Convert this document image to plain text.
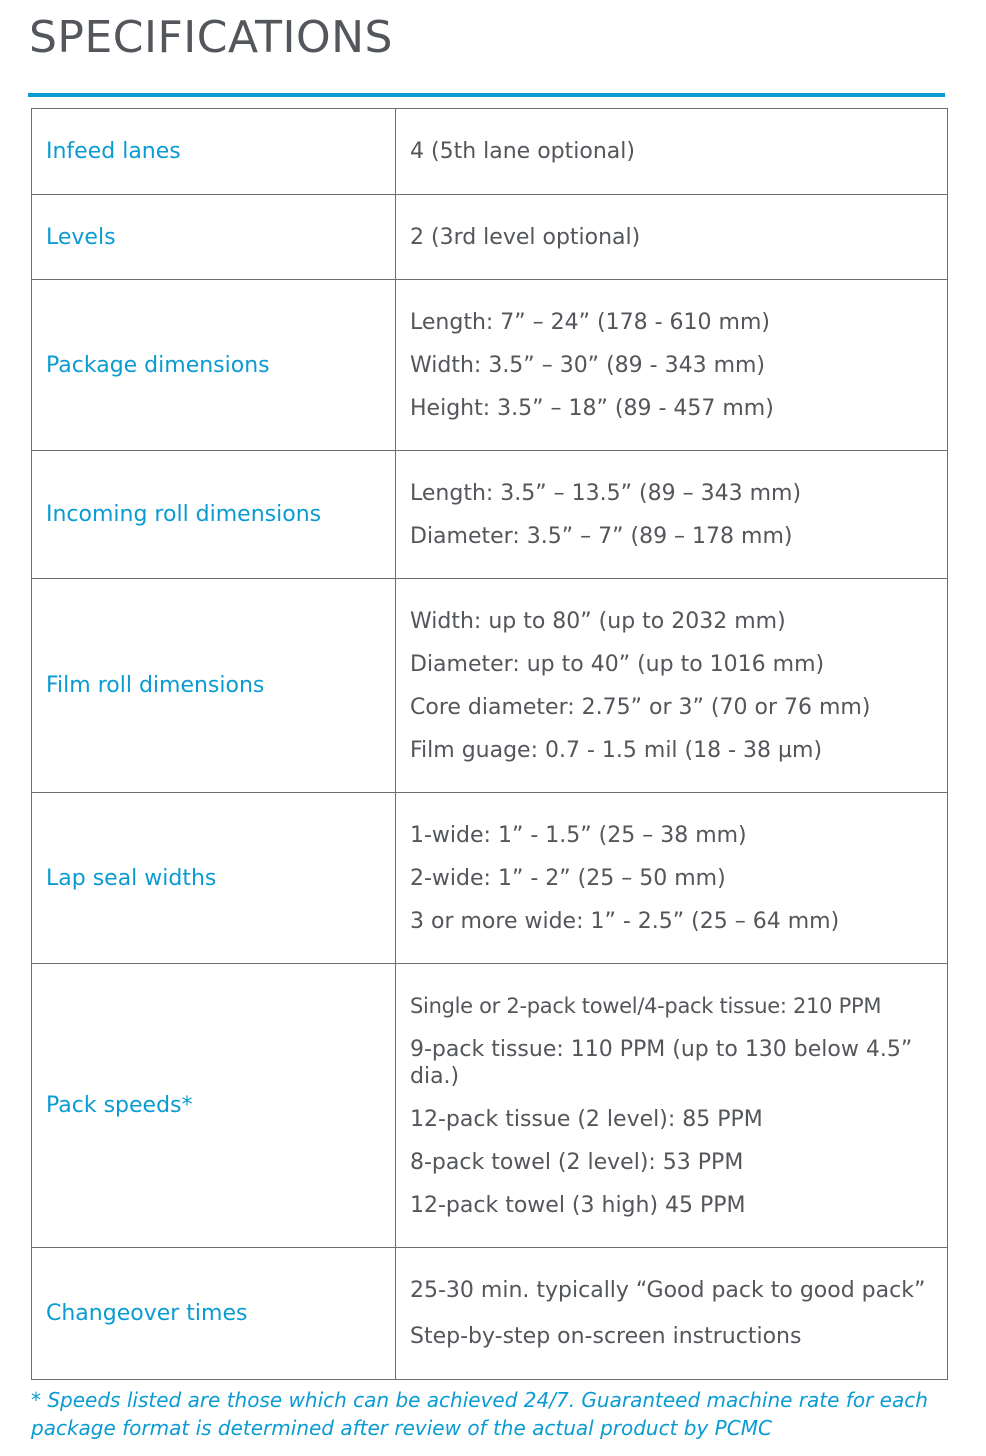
SPECIFICATIONS
Infeed lanes	4 (5th lane optional)

Levels	2 (3rd level optional)

Package dimensions	Length: 7” – 24” (178 - 610 mm)
Width: 3.5” – 30” (89 - 343 mm)
Height: 3.5” – 18” (89 - 457 mm)

Incoming roll dimensions	Length: 3.5” – 13.5” (89 – 343 mm)
Diameter: 3.5” – 7” (89 – 178 mm)

Film roll dimensions	Width: up to 80” (up to 2032 mm)
Diameter: up to 40” (up to 1016 mm)
Core diameter: 2.75” or 3” (70 or 76 mm)
Film guage: 0.7 - 1.5 mil (18 - 38 µm)

Lap seal widths	1-wide: 1” - 1.5” (25 – 38 mm)
2-wide: 1” - 2” (25 – 50 mm)
3 or more wide: 1” - 2.5” (25 – 64 mm)

Pack speeds*	Single or 2-pack towel/4-pack tissue: 210 PPM
9-pack tissue: 110 PPM (up to 130 below 4.5” dia.)
12-pack tissue (2 level): 85 PPM
8-pack towel (2 level): 53 PPM
12-pack towel (3 high) 45 PPM

Changeover times	25-30 min. typically “Good pack to good pack”
Step-by-step on-screen instructions

* Speeds listed are those which can be achieved 24/7. Guaranteed machine rate for each package format is determined after review of the actual product by PCMC
